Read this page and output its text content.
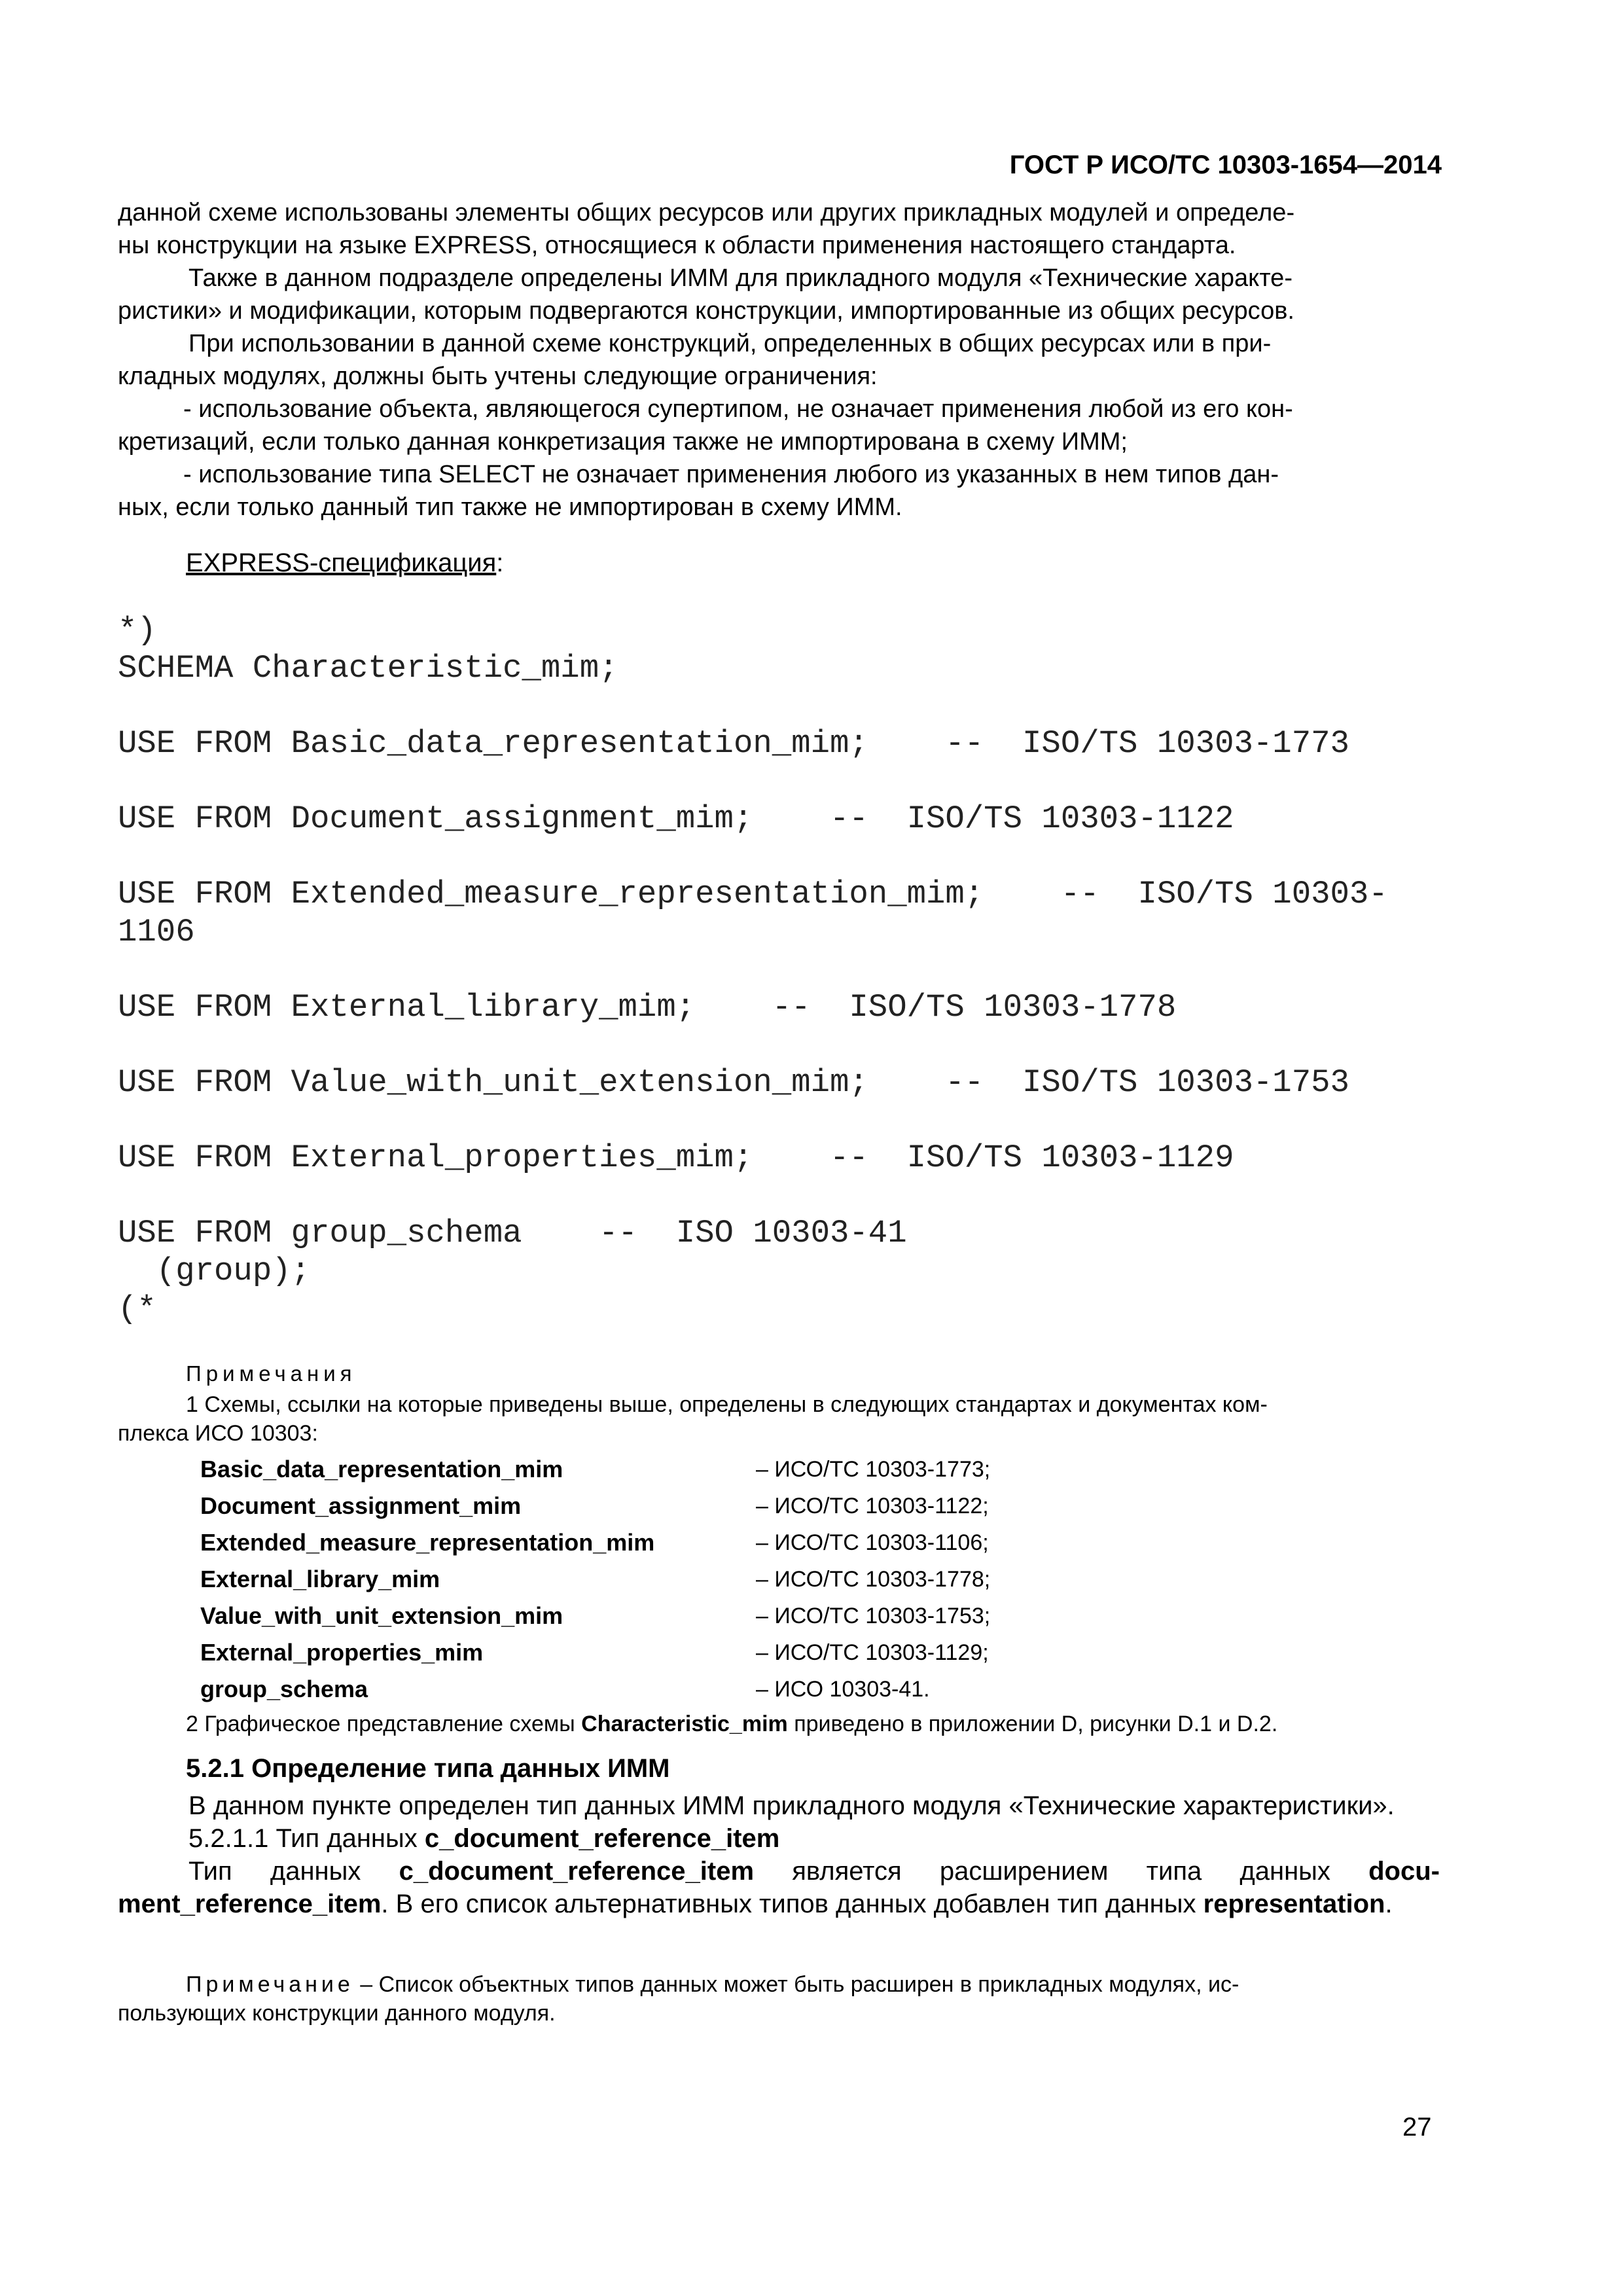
ГОСТ Р ИСО/ТС 10303-1654—2014
данной схеме использованы элементы общих ресурсов или других прикладных модулей и определе-
ны конструкции на языке EXPRESS, относящиеся к области применения настоящего стандарта.
Также в данном подразделе определены ИММ для прикладного модуля «Технические характе-
ристики» и модификации, которым подвергаются конструкции, импортированные из общих ресурсов.
При использовании в данной схеме конструкций, определенных в общих ресурсах или в при-
кладных модулях, должны быть учтены следующие ограничения:
- использование объекта, являющегося супертипом, не означает применения любой из его кон-
кретизаций, если только данная конкретизация также не импортирована в схему ИММ;
- использование типа SELECT не означает применения любого из указанных в нем типов дан-
ных, если только данный тип также не импортирован в схему ИММ.
EXPRESS-спецификация:
*)
SCHEMA Characteristic_mim;
USE FROM Basic_data_representation_mim;    --  ISO/TS 10303-1773
USE FROM Document_assignment_mim;    --  ISO/TS 10303-1122
USE FROM Extended_measure_representation_mim;    --  ISO/TS 10303-
1106
USE FROM External_library_mim;    --  ISO/TS 10303-1778
USE FROM Value_with_unit_extension_mim;    --  ISO/TS 10303-1753
USE FROM External_properties_mim;    --  ISO/TS 10303-1129
USE FROM group_schema    --  ISO 10303-41
(group);
(*
Примечания
1 Схемы, ссылки на которые приведены выше, определены в следующих стандартах и документах ком-
плекса ИСО 10303:
Basic_data_representation_mim	– ИСО/ТС 10303-1773;
Document_assignment_mim	– ИСО/ТС 10303-1122;
Extended_measure_representation_mim	– ИСО/ТС 10303-1106;
External_library_mim	– ИСО/ТС 10303-1778;
Value_with_unit_extension_mim	– ИСО/ТС 10303-1753;
External_properties_mim	– ИСО/ТС 10303-1129;
group_schema	– ИСО 10303-41.
2 Графическое представление схемы Characteristic_mim приведено в приложении D, рисунки D.1 и D.2.
5.2.1 Определение типа данных ИММ
В данном пункте определен тип данных ИММ прикладного модуля «Технические характеристики».
5.2.1.1 Тип данных c_document_reference_item
Тип данных c_document_reference_item является расширением типа данных docu-
ment_reference_item. В его список альтернативных типов данных добавлен тип данных representation.
Примечание – Список объектных типов данных может быть расширен в прикладных модулях, ис-
пользующих конструкции данного модуля.
27
